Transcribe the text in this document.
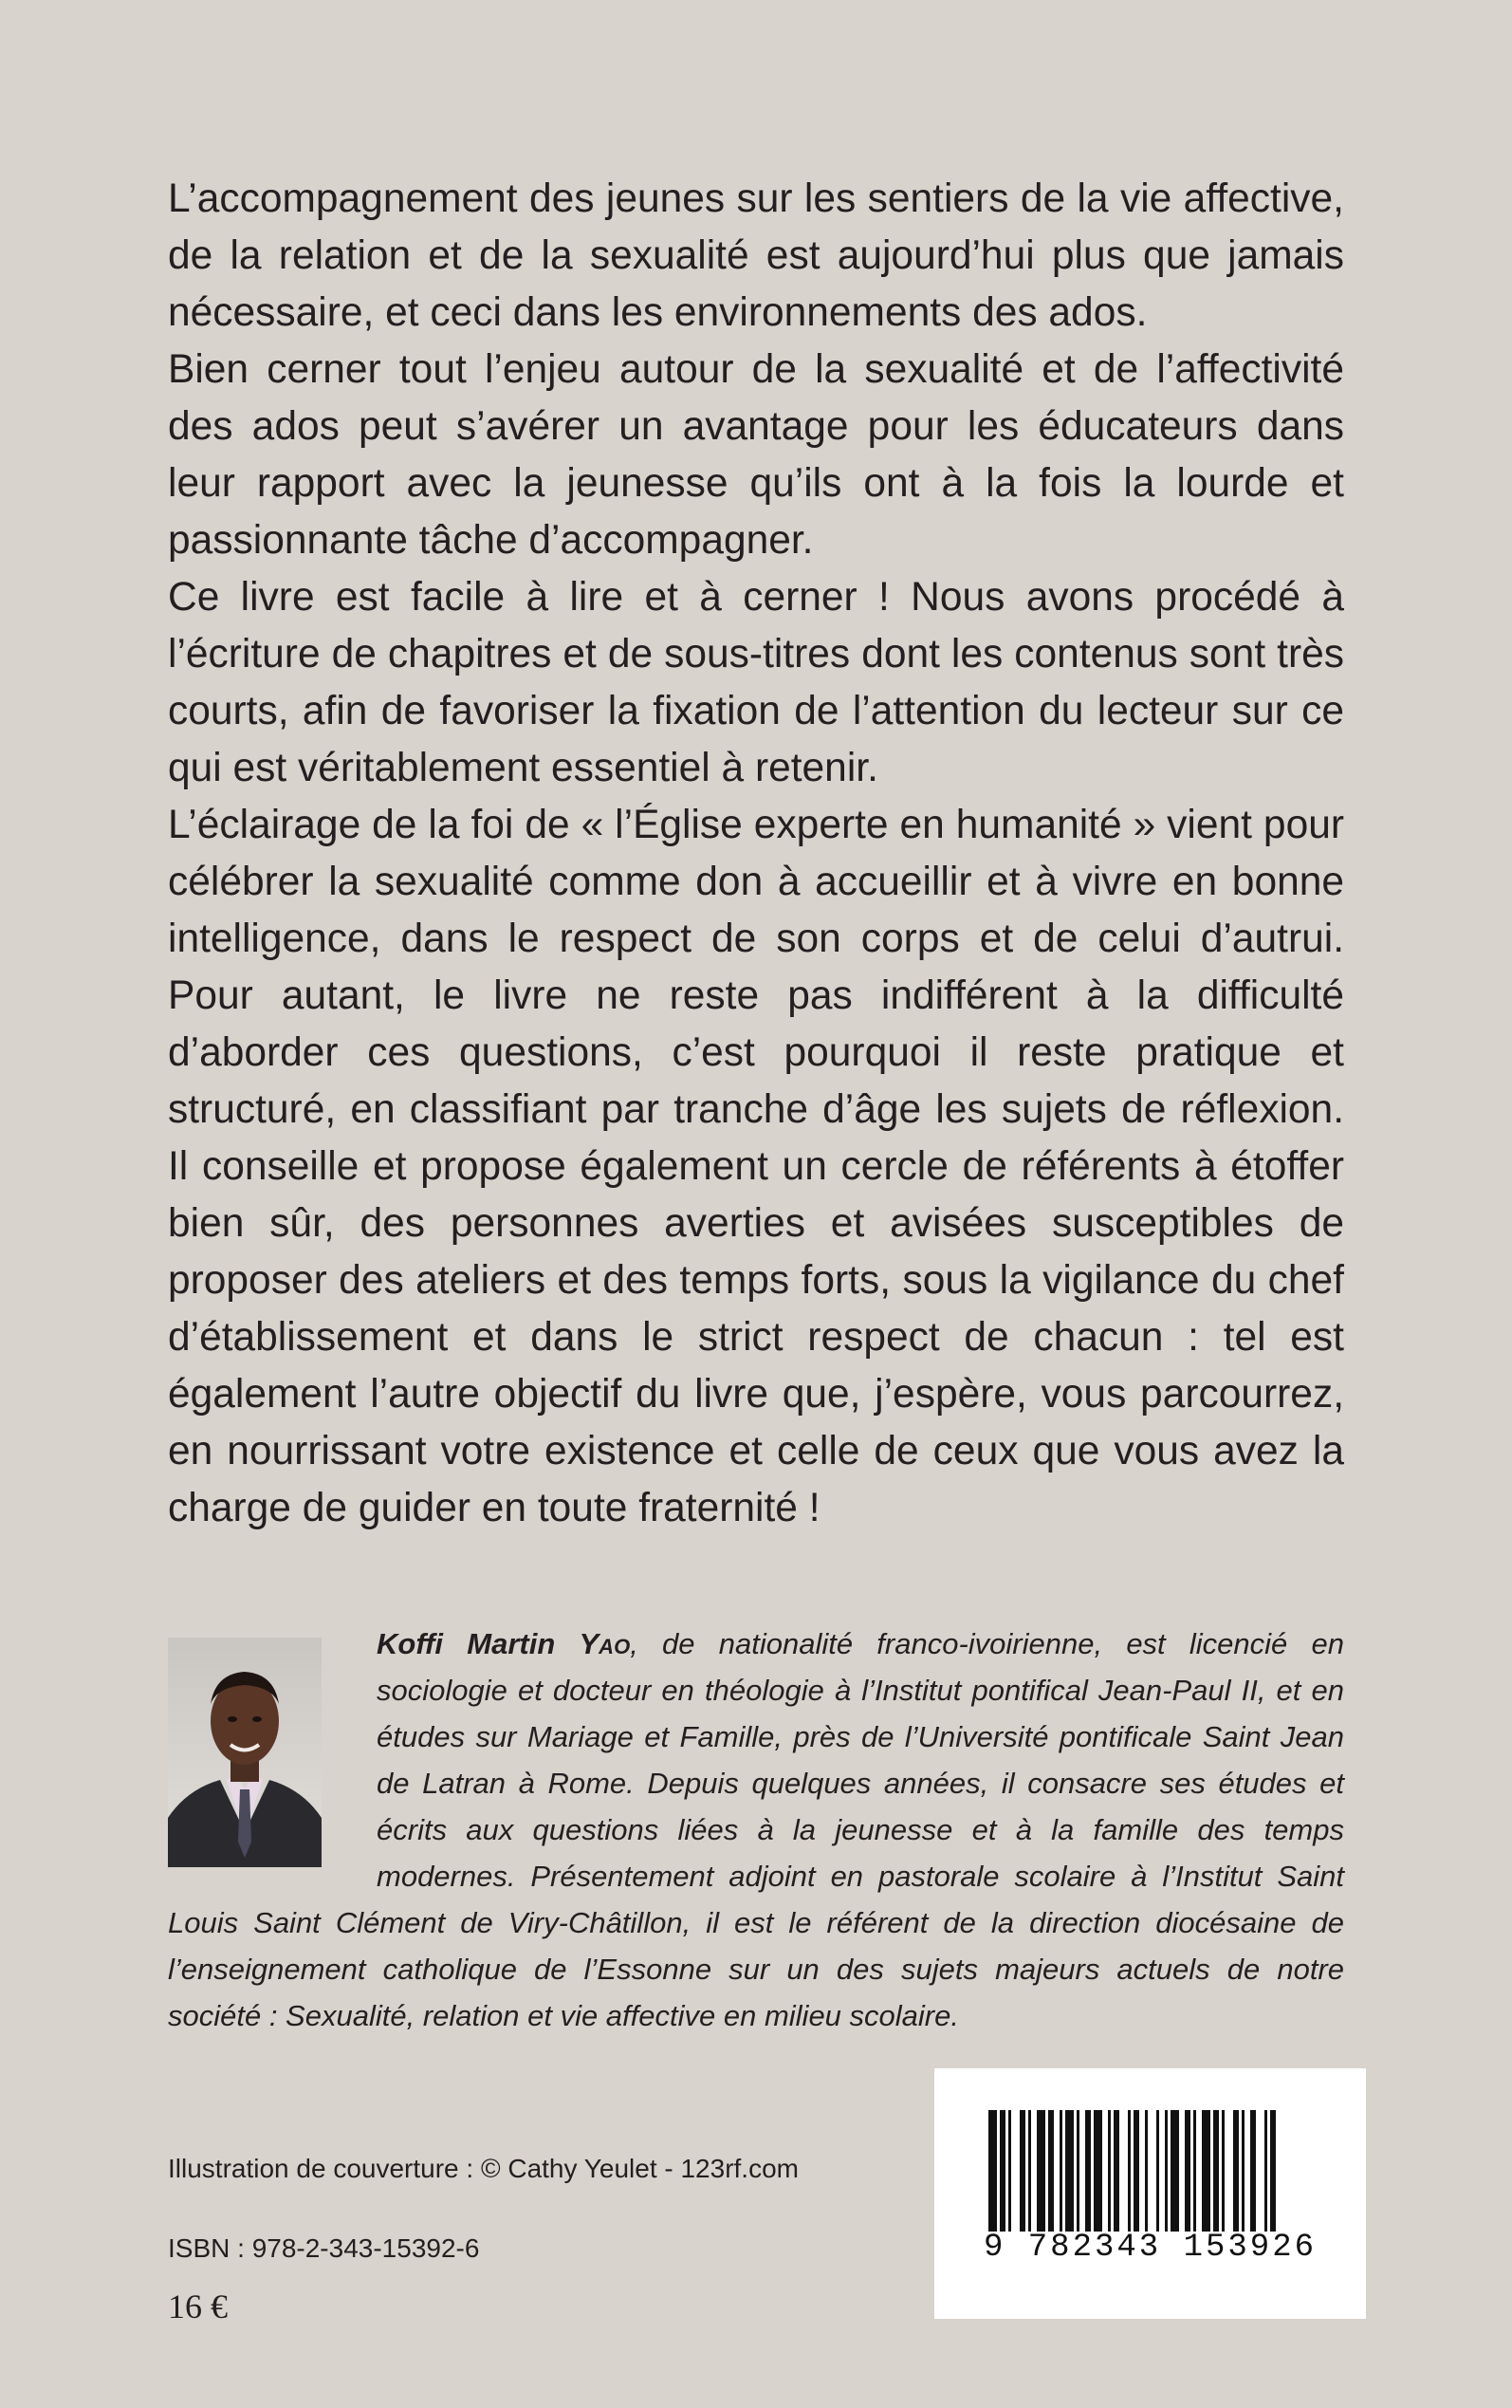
L’accompagnement des jeunes sur les sentiers de la vie affective, de la relation et de la sexualité est aujourd’hui plus que jamais nécessaire, et ceci dans les environnements des ados.

Bien cerner tout l’enjeu autour de la sexualité et de l’affectivité des ados peut s’avérer un avantage pour les éducateurs dans leur rapport avec la jeunesse qu’ils ont à la fois la lourde et passionnante tâche d’accompagner.

Ce livre est facile à lire et à cerner ! Nous avons procédé à l’écriture de chapitres et de sous-titres dont les contenus sont très courts, afin de favoriser la fixation de l’attention du lecteur sur ce qui est véritablement essentiel à retenir.

L’éclairage de la foi de « l’Église experte en humanité » vient pour célébrer la sexualité comme don à accueillir et à vivre en bonne intelligence, dans le respect de son corps et de celui d’autrui. Pour autant, le livre ne reste pas indifférent à la difficulté d’aborder ces questions, c’est pourquoi il reste pratique et structuré, en classifiant par tranche d’âge les sujets de réflexion. Il conseille et propose également un cercle de référents à étoffer bien sûr, des personnes averties et avisées susceptibles de proposer des ateliers et des temps forts, sous la vigilance du chef d’établissement et dans le strict respect de chacun : tel est également l’autre objectif du livre que, j’espère, vous parcourrez, en nourrissant votre existence et celle de ceux que vous avez la charge de guider en toute fraternité !

Koffi Martin Yao, de nationalité franco-ivoirienne, est licencié en sociologie et docteur en théologie à l’Institut pontifical Jean-Paul II, et en études sur Mariage et Famille, près de l’Université pontificale Saint Jean de Latran à Rome. Depuis quelques années, il consacre ses études et écrits aux questions liées à la jeunesse et à la famille des temps modernes. Présentement adjoint en pastorale scolaire à l’Institut Saint Louis Saint Clément de Viry-Châtillon, il est le référent de la direction diocésaine de l’enseignement catholique de l’Essonne sur un des sujets majeurs actuels de notre société : Sexualité, relation et vie affective en milieu scolaire.
Illustration de couverture : © Cathy Yeulet - 123rf.com
ISBN : 978-2-343-15392-6
16 €
9 782343 153926
